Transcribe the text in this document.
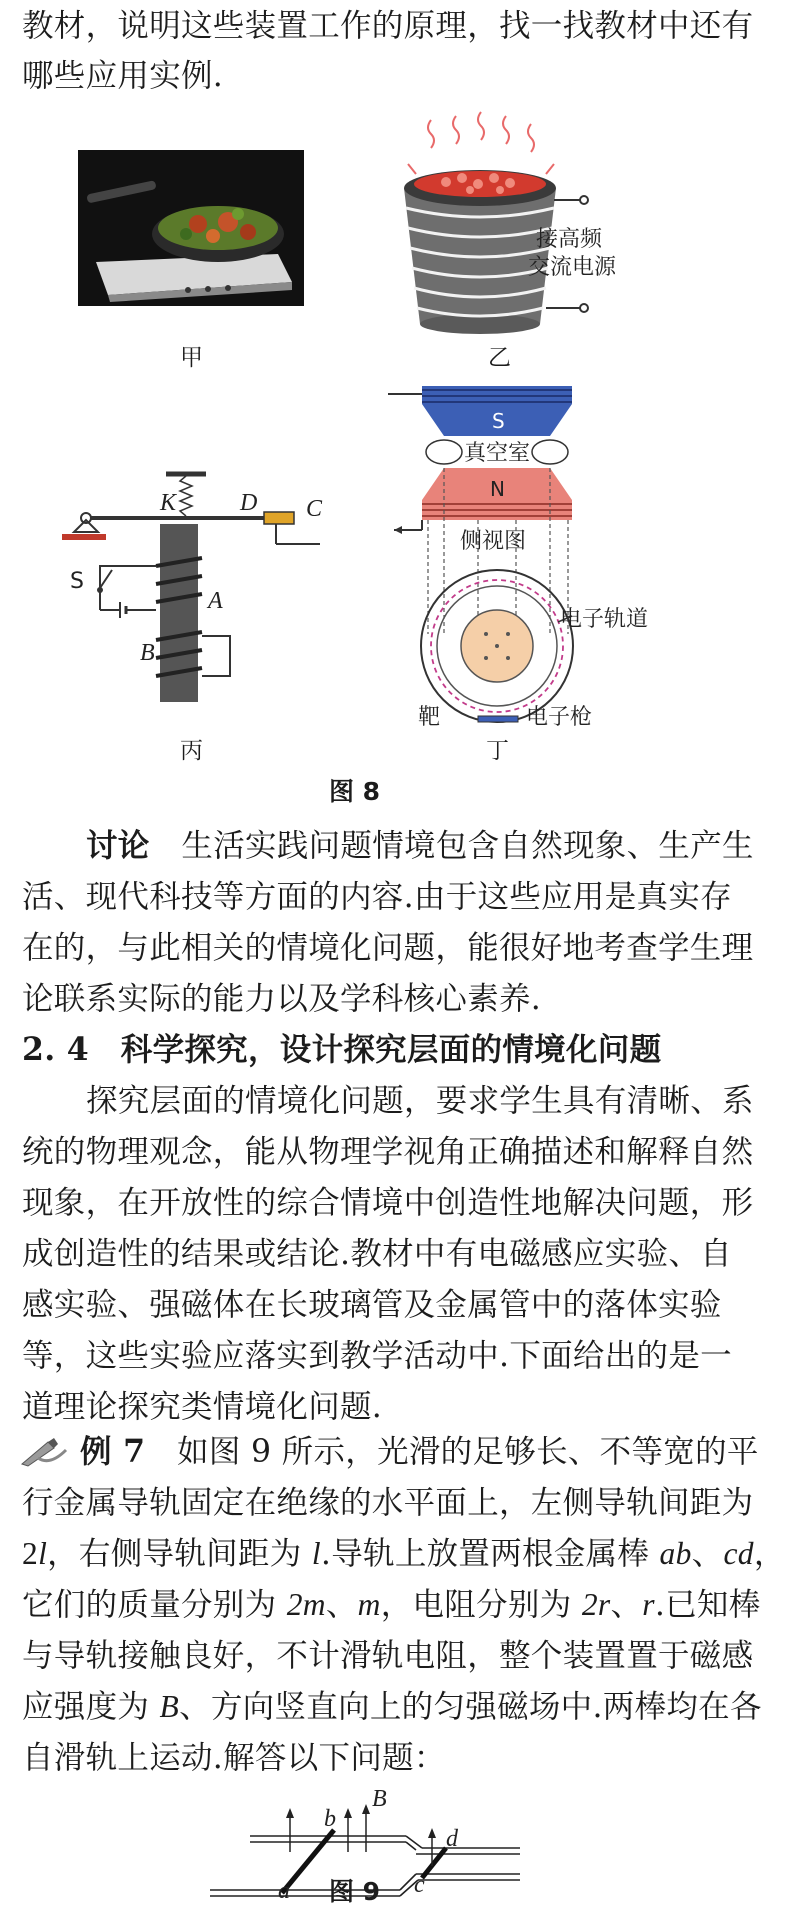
教材，说明这些装置工作的原理，找一找教材中还有
哪些应用实例.
甲
接高频
交流电源
乙
K	D C
A
B
S
丙
S
真空室
N
侧视图
电子轨道
靶	电子枪
丁
图 8
讨论　 生活实践问题情境包含自然现象、生产生
活、现代科技等方面的内容.由于这些应用是真实存
在的，与此相关的情境化问题，能很好地考查学生理
论联系实际的能力以及学科核心素养.
2. 4  科学探究，设计探究层面的情境化问题
探究层面的情境化问题，要求学生具有清晰、系
统的物理观念，能从物理学视角正确描述和解释自然
现象，在开放性的综合情境中创造性地解决问题，形
成创造性的结果或结论.教材中有电磁感应实验、自
感实验、强磁体在长玻璃管及金属管中的落体实验
等，这些实验应落实到教学活动中.下面给出的是一
道理论探究类情境化问题.
例 7　 如图 9 所示，光滑的足够长、不等宽的平
行金属导轨固定在绝缘的水平面上，左侧导轨间距为
2l，右侧导轨间距为 l.导轨上放置两根金属棒 ab、cd，
它们的质量分别为 2m、m，电阻分别为 2r、r.已知棒
与导轨接触良好，不计滑轨电阻，整个装置置于磁感
应强度为 B、方向竖直向上的匀强磁场中.两棒均在各
自滑轨上运动.解答以下问题：
a
b
c
d
B
图 9
